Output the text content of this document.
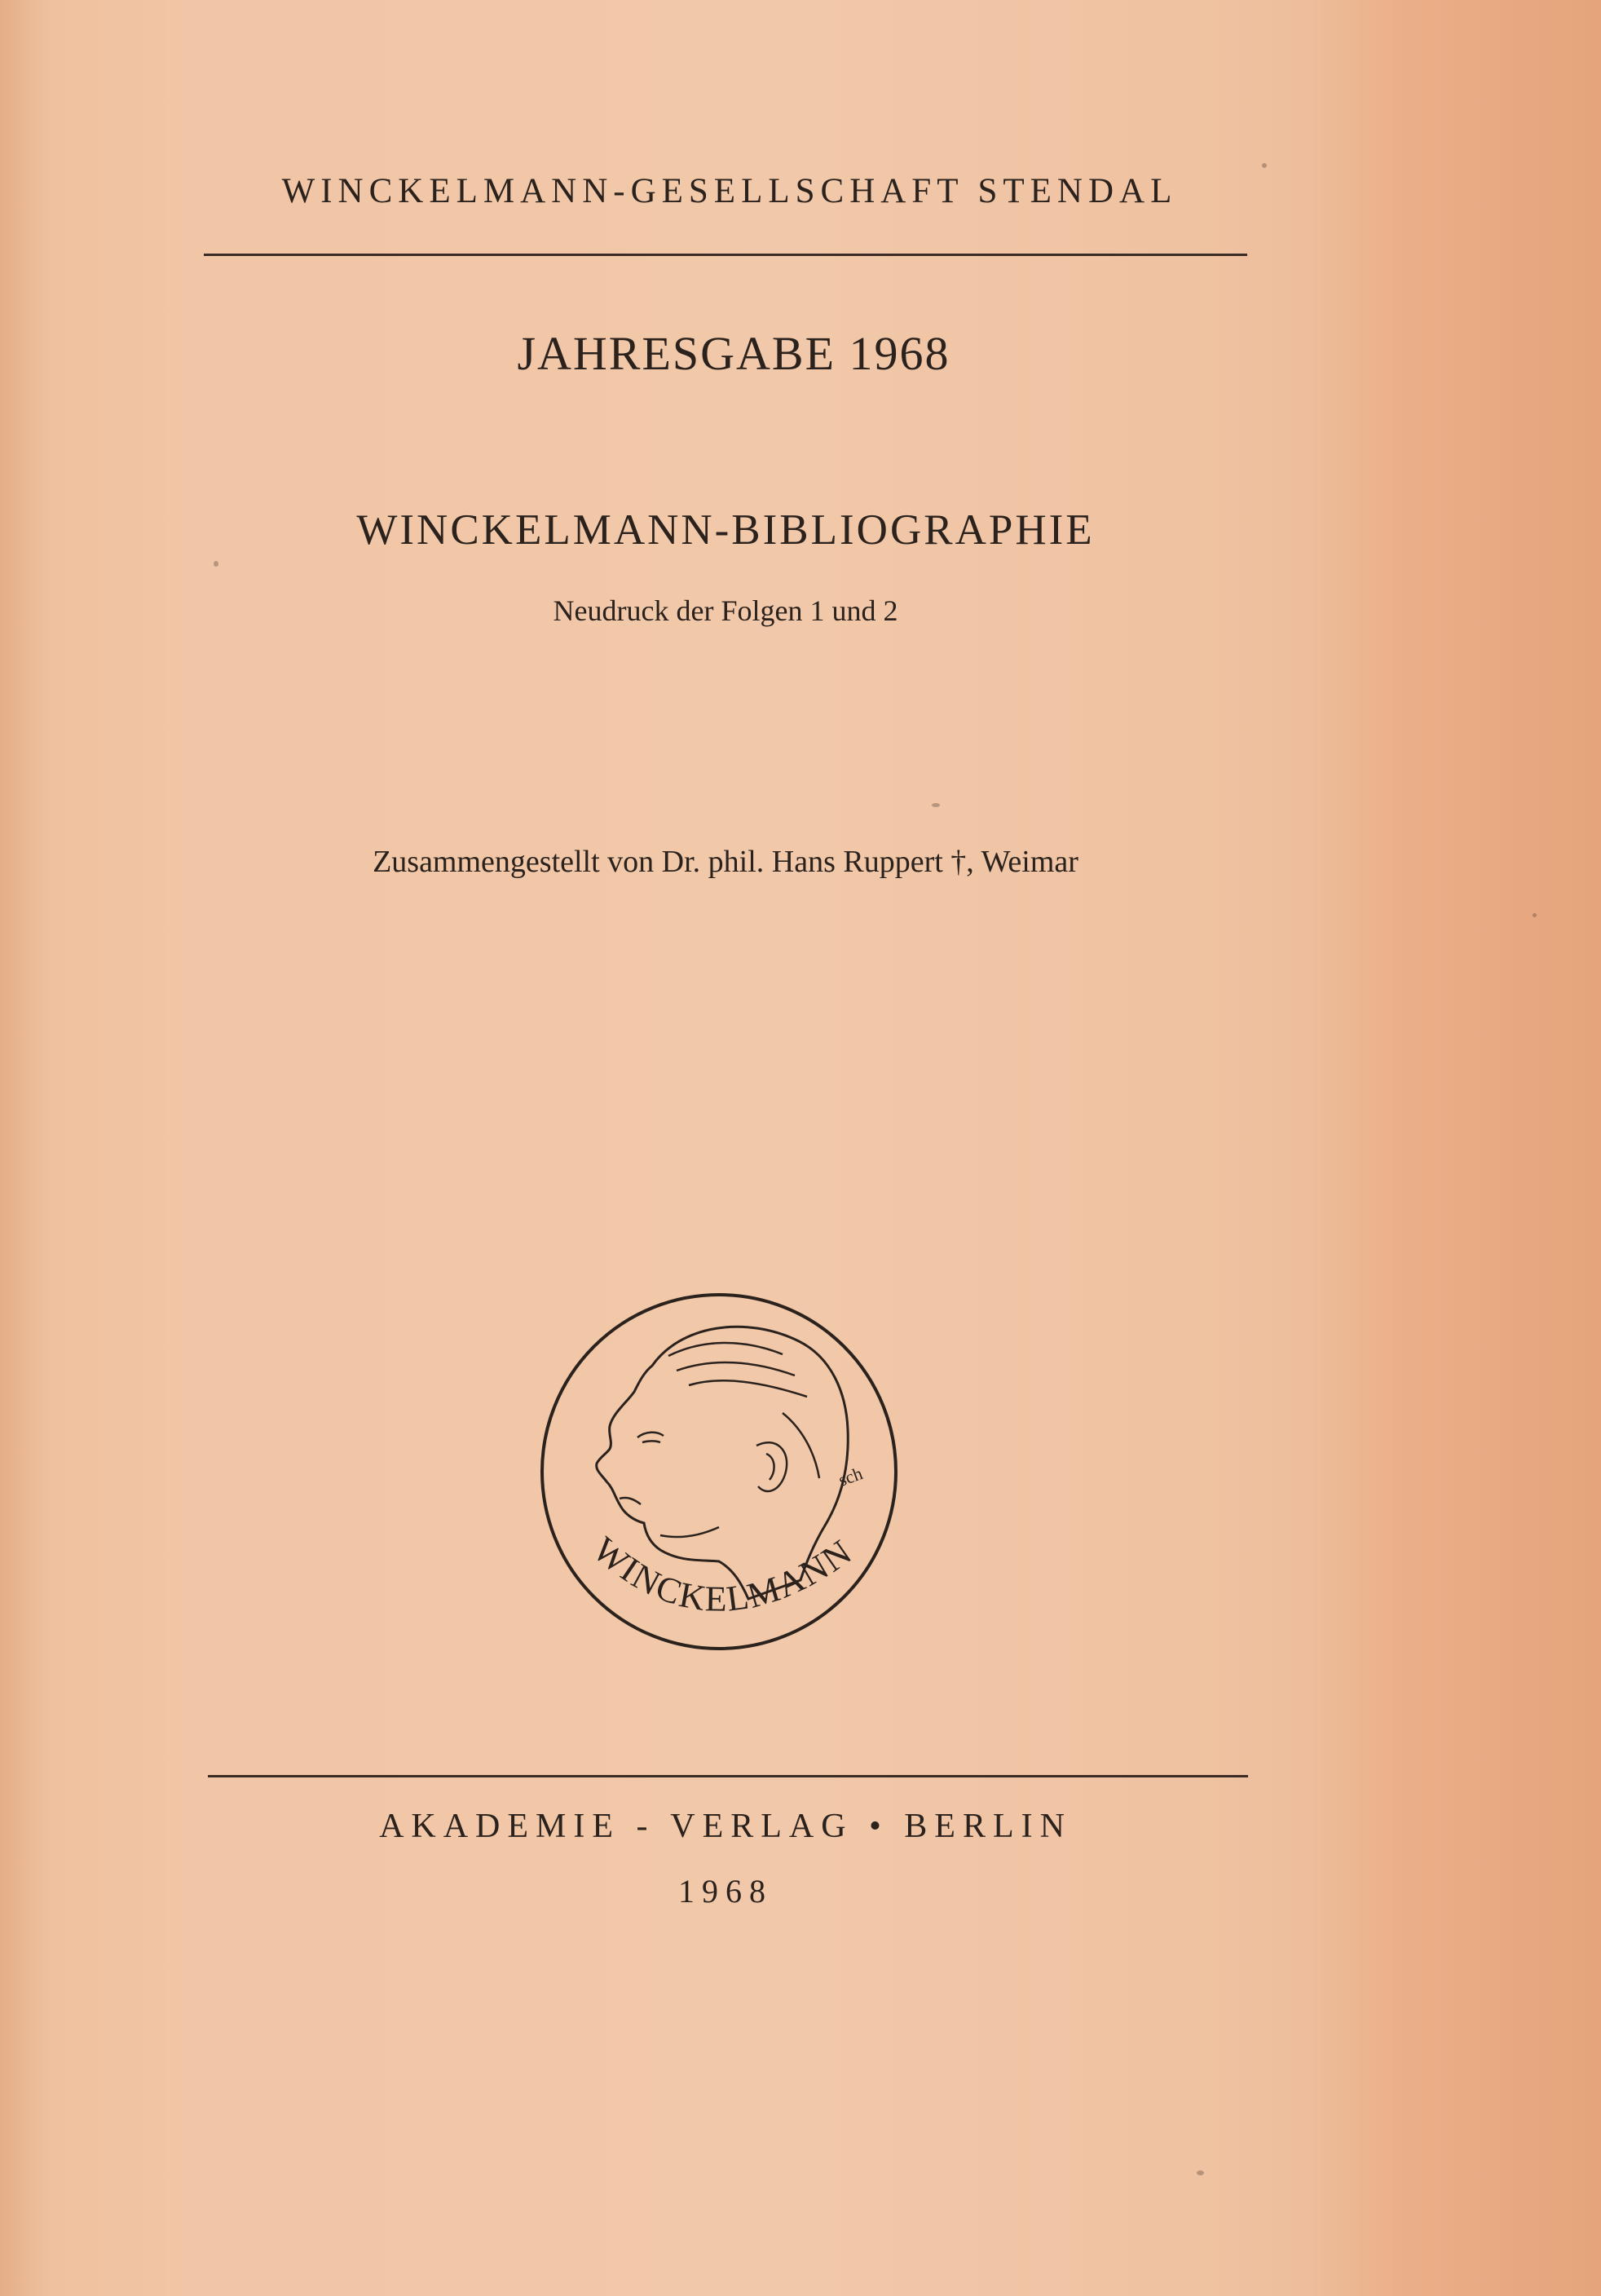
WINCKELMANN-GESELLSCHAFT STENDAL
JAHRESGABE 1968
WINCKELMANN-BIBLIOGRAPHIE
Neudruck der Folgen 1 und 2
Zusammengestellt von Dr. phil. Hans Ruppert †, Weimar
sch
WINCKELMANN
AKADEMIE - VERLAG • BERLIN
1968
